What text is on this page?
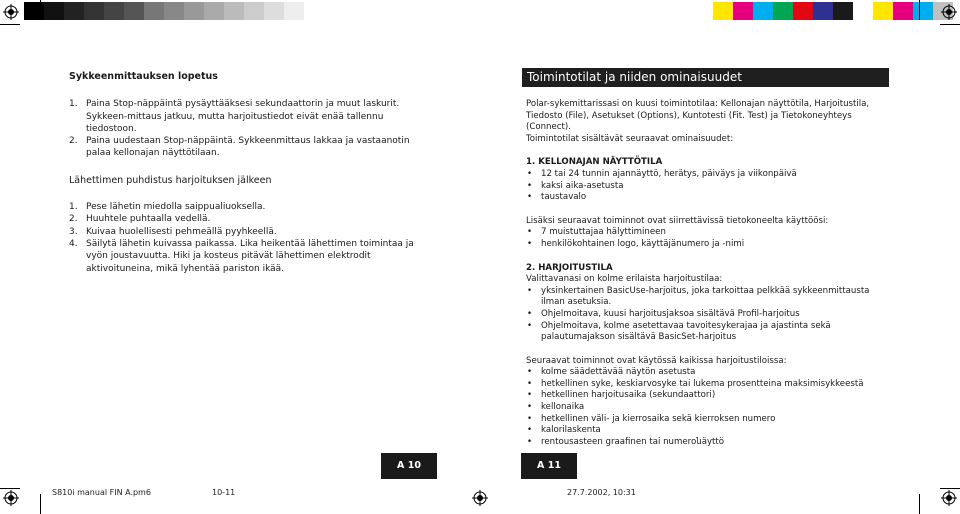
Sykkeenmittauksen lopetus
1. Paina Stop-näppäintä pysäyttääksesi sekundaattorin ja muut laskurit. Sykkeen-mittaus jatkuu, mutta harjoitustiedot eivät enää tallennu tiedostoon.
2. Paina uudestaan Stop-näppäintä. Sykkeenmittaus lakkaa ja vastaanotin palaa kellonajan näyttötilaan.
Lähettimen puhdistus harjoituksen jälkeen
1. Pese lähetin miedolla saippualiuoksella.
2. Huuhtele puhtaalla vedellä.
3. Kuivaa huolellisesti pehmeällä pyyhkeellä.
4. Säilytä lähetin kuivassa paikassa. Lika heikentää lähettimen toimintaa ja vyön joustavuutta. Hiki ja kosteus pitävät lähettimen elektrodit aktivoituneina, mikä lyhentää pariston ikää.
Toimintotilat ja niiden ominaisuudet

Polar-sykemittarissasi on kuusi toimintotilaa: Kellonajan näyttötila, Harjoitustila, Tiedosto (File), Asetukset (Options), Kuntotesti (Fit. Test) ja Tietokoneyhteys (Connect).

Toimintotilat sisältävät seuraavat ominaisuudet:

1. KELLONAJAN NÄYTTÖTILA
• 12 tai 24 tunnin ajannäyttö, herätys, päiväys ja viikonpäivä
• kaksi aika-asetusta
• taustavalo

Lisäksi seuraavat toiminnot ovat siirrettävissä tietokoneelta käyttöösi:

• 7 muistuttajaa hälyttimineen
• henkilökohtainen logo, käyttäjänumero ja -nimi
2. HARJOITUSTILA

Valittavanasi on kolme erilaista harjoitustilaa:

• yksinkertainen BasicUse-harjoitus, joka tarkoittaa pelkkää sykkeenmittausta ilman asetuksia.
• Ohjelmoitava, kuusi harjoitusjaksoa sisältävä Profil-harjoitus
• Ohjelmoitava, kolme asetettavaa tavoitesykerajaa ja ajastinta sekä palautumajakson sisältävä BasicSet-harjoitus

Seuraavat toiminnot ovat käytössä kaikissa harjoitustiloissa:

• kolme säädettävää näytön asetusta
• hetkellinen syke, keskiarvosyke tai lukema prosentteina maksimisykkeestä
• hetkellinen harjoitusaika (sekundaattori)
• kellonaika
• hetkellinen väli- ja kierrosaika sekä kierroksen numero
• kalorilaskenta
• rentousasteen graafinen tai numeroնäyttö
A 10	A 11
S810i manual FIN A.pm6	10-11	27.7.2002, 10:31
